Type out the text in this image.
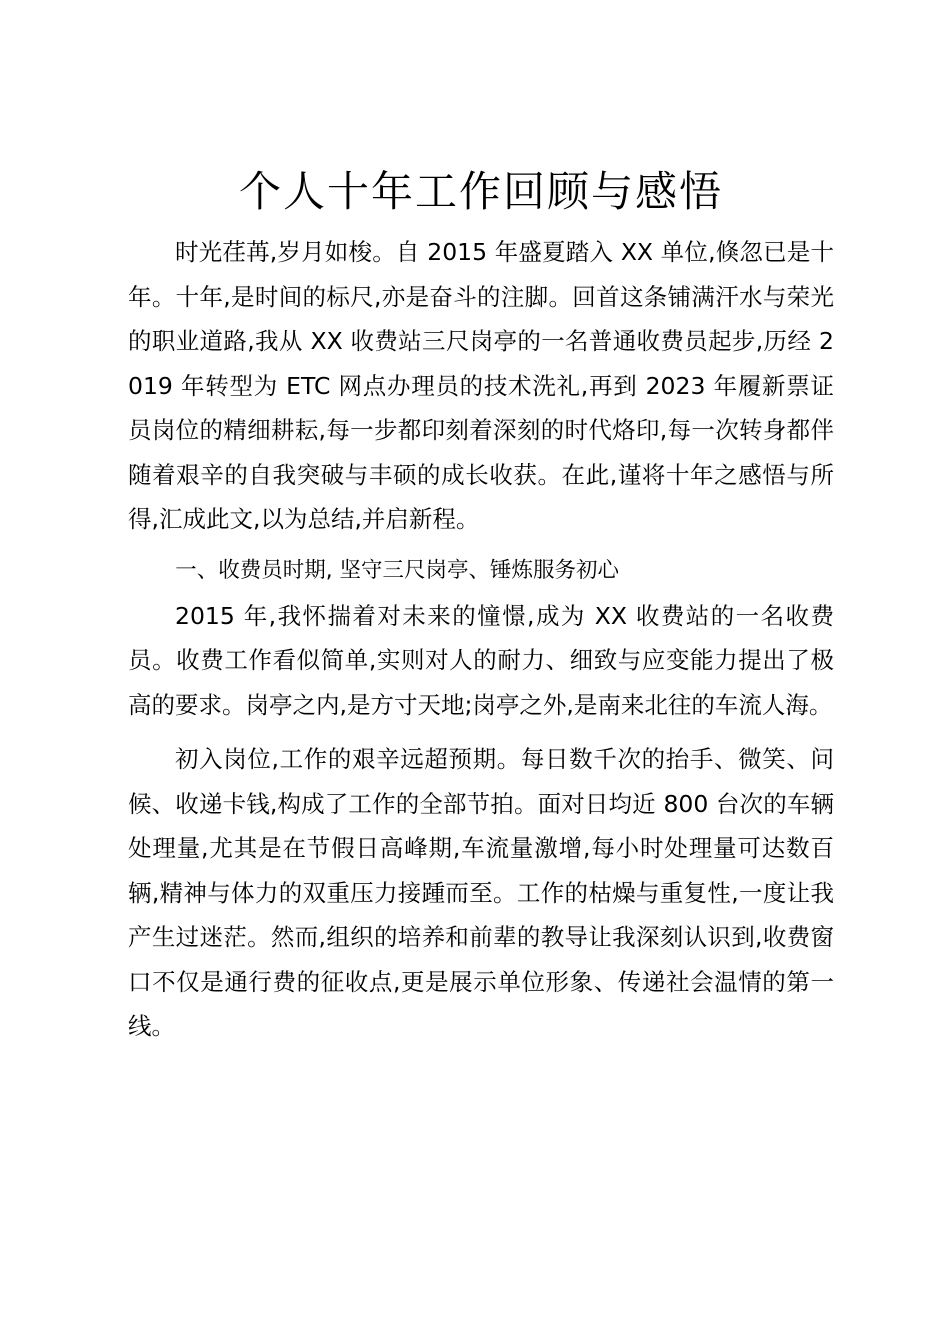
个人十年工作回顾与感悟

时光荏苒,岁月如梭。自 2015 年盛夏踏入 XX 单位,倏忽已是十年。十年,是时间的标尺,亦是奋斗的注脚。回首这条铺满汗水与荣光的职业道路,我从 XX 收费站三尺岗亭的一名普通收费员起步,历经 2019 年转型为 ETC 网点办理员的技术洗礼,再到 2023 年履新票证员岗位的精细耕耘,每一步都印刻着深刻的时代烙印,每一次转身都伴随着艰辛的自我突破与丰硕的成长收获。在此,谨将十年之感悟与所得,汇成此文,以为总结,并启新程。

一、收费员时期, 坚守三尺岗亭、锤炼服务初心

2015 年,我怀揣着对未来的憧憬,成为 XX 收费站的一名收费员。收费工作看似简单,实则对人的耐力、细致与应变能力提出了极高的要求。岗亭之内,是方寸天地;岗亭之外,是南来北往的车流人海。

初入岗位,工作的艰辛远超预期。每日数千次的抬手、微笑、问候、收递卡钱,构成了工作的全部节拍。面对日均近 800 台次的车辆处理量,尤其是在节假日高峰期,车流量激增,每小时处理量可达数百辆,精神与体力的双重压力接踵而至。工作的枯燥与重复性,一度让我产生过迷茫。然而,组织的培养和前辈的教导让我深刻认识到,收费窗口不仅是通行费的征收点,更是展示单位形象、传递社会温情的第一线。
